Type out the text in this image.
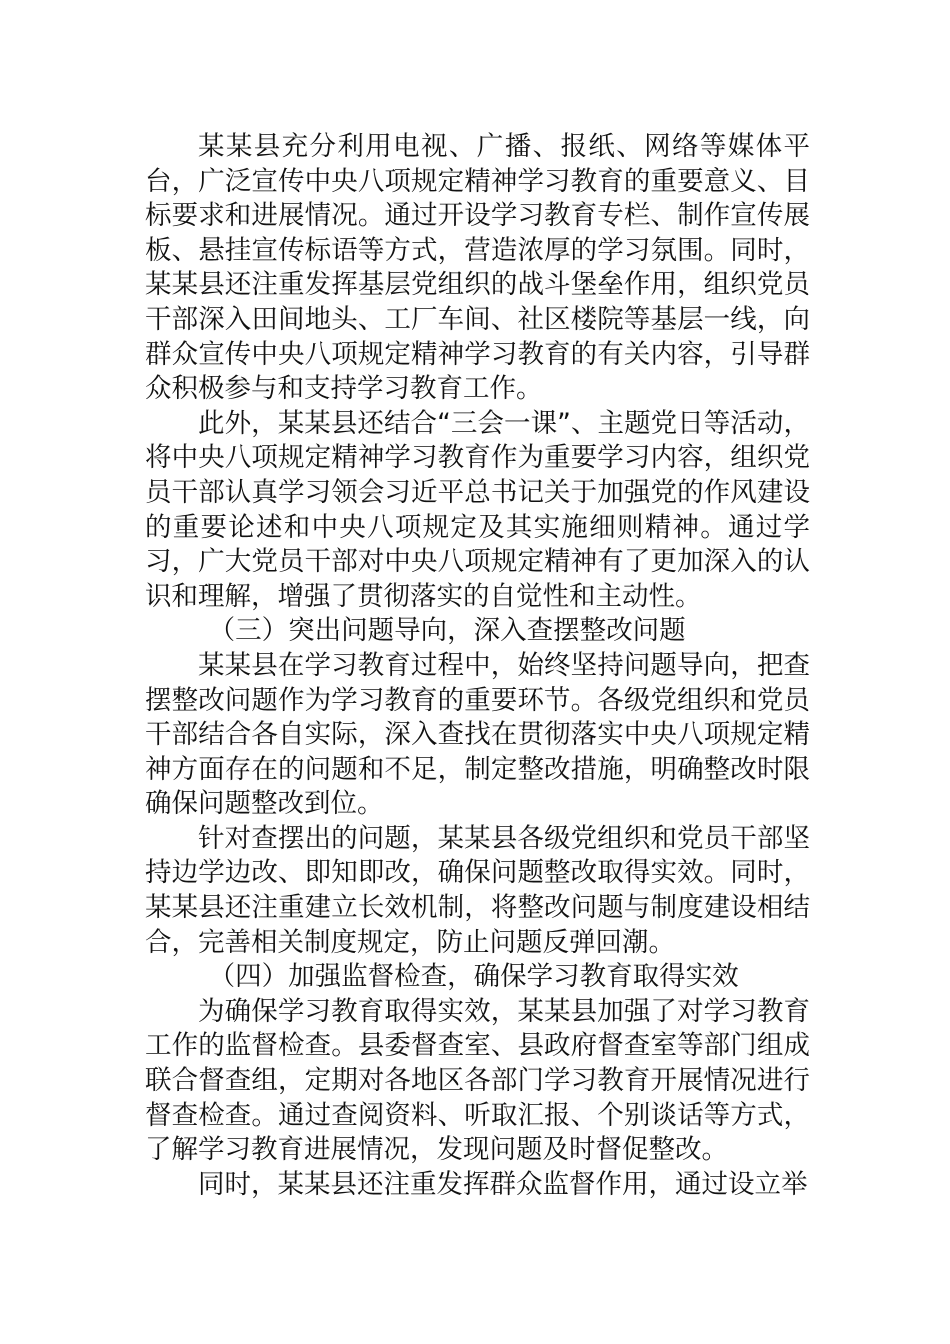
某某县充分利用电视、广播、报纸、网络等媒体平台，广泛宣传中央八项规定精神学习教育的重要意义、目标要求和进展情况。通过开设学习教育专栏、制作宣传展板、悬挂宣传标语等方式，营造浓厚的学习氛围。同时，某某县还注重发挥基层党组织的战斗堡垒作用，组织党员干部深入田间地头、工厂车间、社区楼院等基层一线，向群众宣传中央八项规定精神学习教育的有关内容，引导群众积极参与和支持学习教育工作。

此外，某某县还结合“三会一课”、主题党日等活动，将中央八项规定精神学习教育作为重要学习内容，组织党员干部认真学习领会习近平总书记关于加强党的作风建设的重要论述和中央八项规定及其实施细则精神。通过学习，广大党员干部对中央八项规定精神有了更加深入的认识和理解，增强了贯彻落实的自觉性和主动性。

（三）突出问题导向，深入查摆整改问题

某某县在学习教育过程中，始终坚持问题导向，把查摆整改问题作为学习教育的重要环节。各级党组织和党员干部结合各自实际，深入查找在贯彻落实中央八项规定精神方面存在的问题和不足，制定整改措施，明确整改时限确保问题整改到位。

针对查摆出的问题，某某县各级党组织和党员干部坚持边学边改、即知即改，确保问题整改取得实效。同时，某某县还注重建立长效机制，将整改问题与制度建设相结合，完善相关制度规定，防止问题反弹回潮。

（四）加强监督检查，确保学习教育取得实效

为确保学习教育取得实效，某某县加强了对学习教育工作的监督检查。县委督查室、县政府督查室等部门组成联合督查组，定期对各地区各部门学习教育开展情况进行督查检查。通过查阅资料、听取汇报、个别谈话等方式，了解学习教育进展情况，发现问题及时督促整改。

同时，某某县还注重发挥群众监督作用，通过设立举
